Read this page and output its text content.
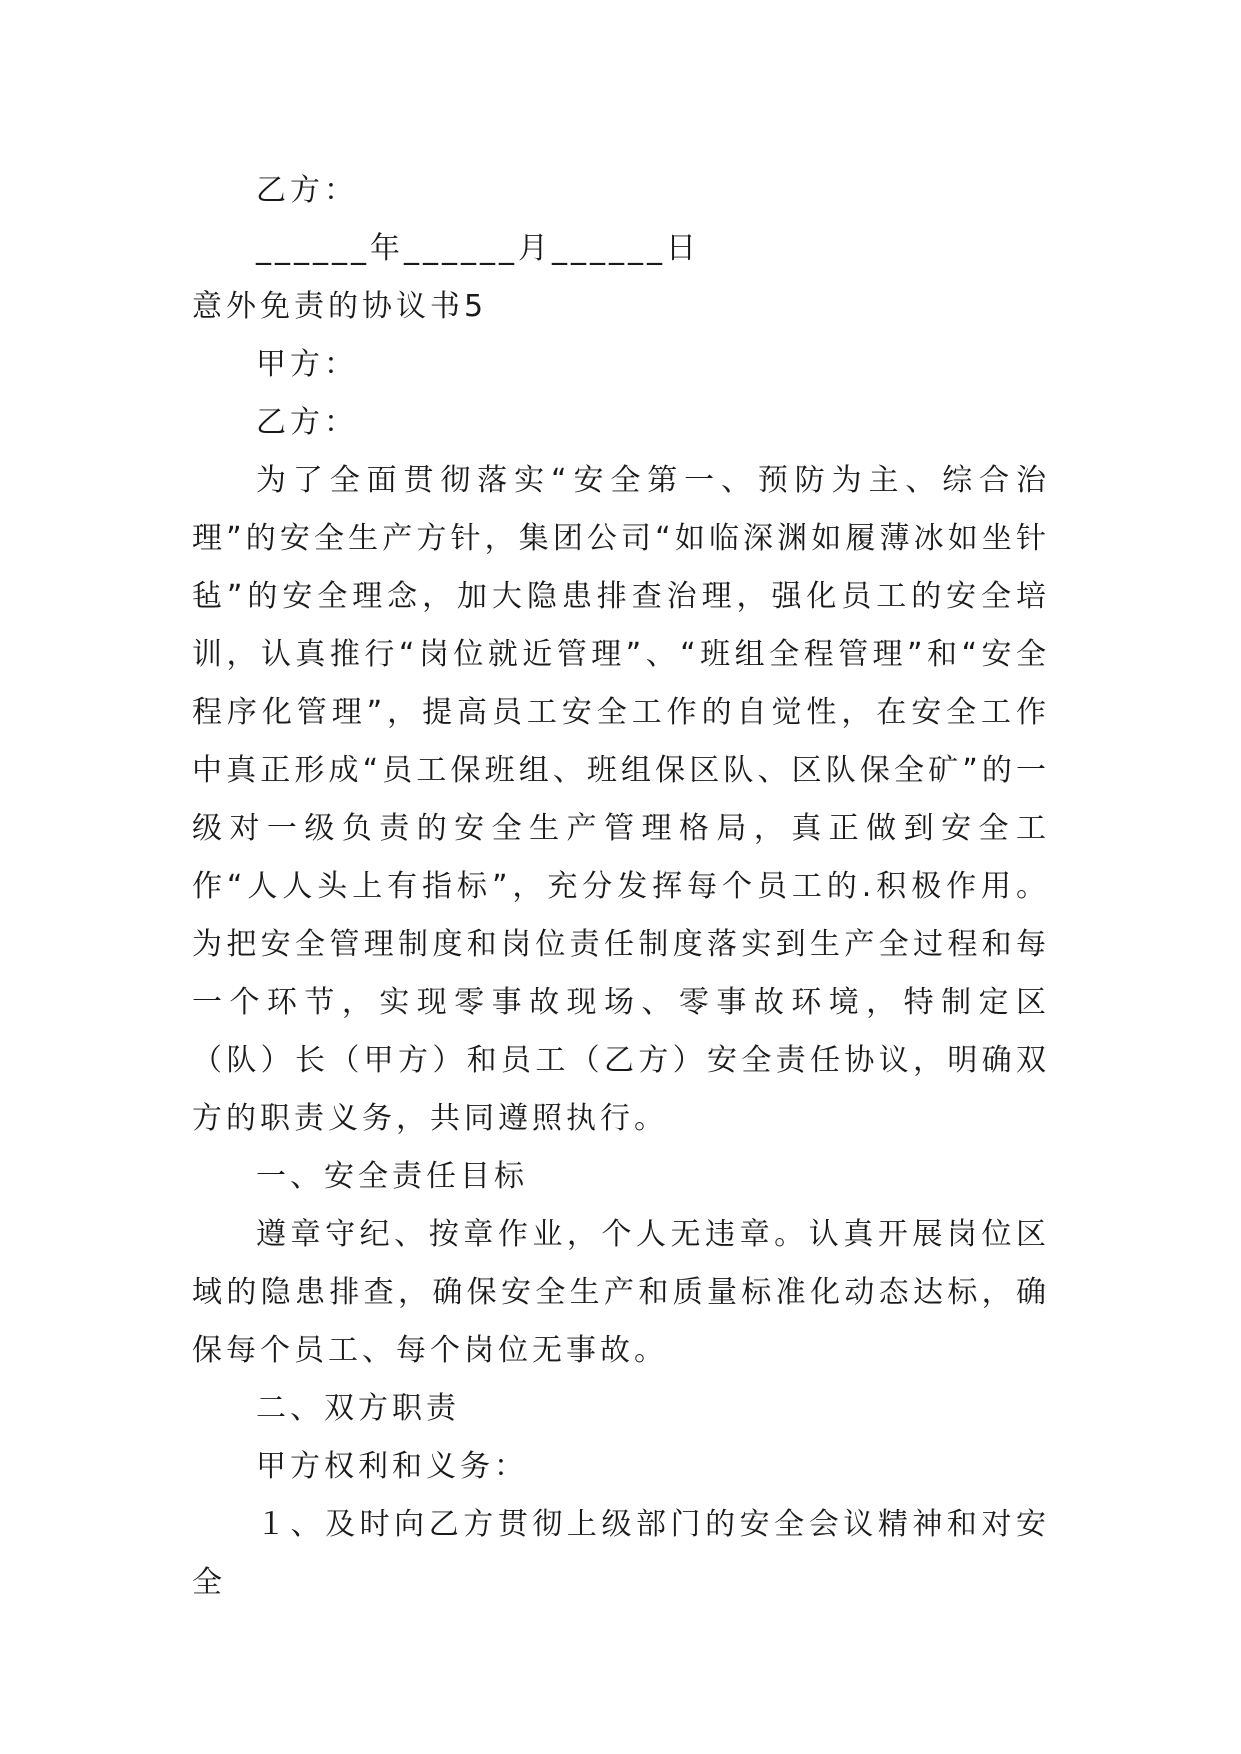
乙方：

______年______月______日

意外免责的协议书5

甲方：

乙方：

为了全面贯彻落实“安全第一、预防为主、综合治理”的安全生产方针，集团公司“如临深渊如履薄冰如坐针毡”的安全理念，加大隐患排查治理，强化员工的安全培训，认真推行“岗位就近管理”、“班组全程管理”和“安全程序化管理”，提高员工安全工作的自觉性，在安全工作中真正形成“员工保班组、班组保区队、区队保全矿”的一级对一级负责的安全生产管理格局，真正做到安全工作“人人头上有指标”，充分发挥每个员工的.积极作用。为把安全管理制度和岗位责任制度落实到生产全过程和每一个环节，实现零事故现场、零事故环境，特制定区（队）长（甲方）和员工（乙方）安全责任协议，明确双方的职责义务，共同遵照执行。

一、安全责任目标

遵章守纪、按章作业，个人无违章。认真开展岗位区域的隐患排查，确保安全生产和质量标准化动态达标，确保每个员工、每个岗位无事故。

二、双方职责

甲方权利和义务：

１、及时向乙方贯彻上级部门的安全会议精神和对安全
